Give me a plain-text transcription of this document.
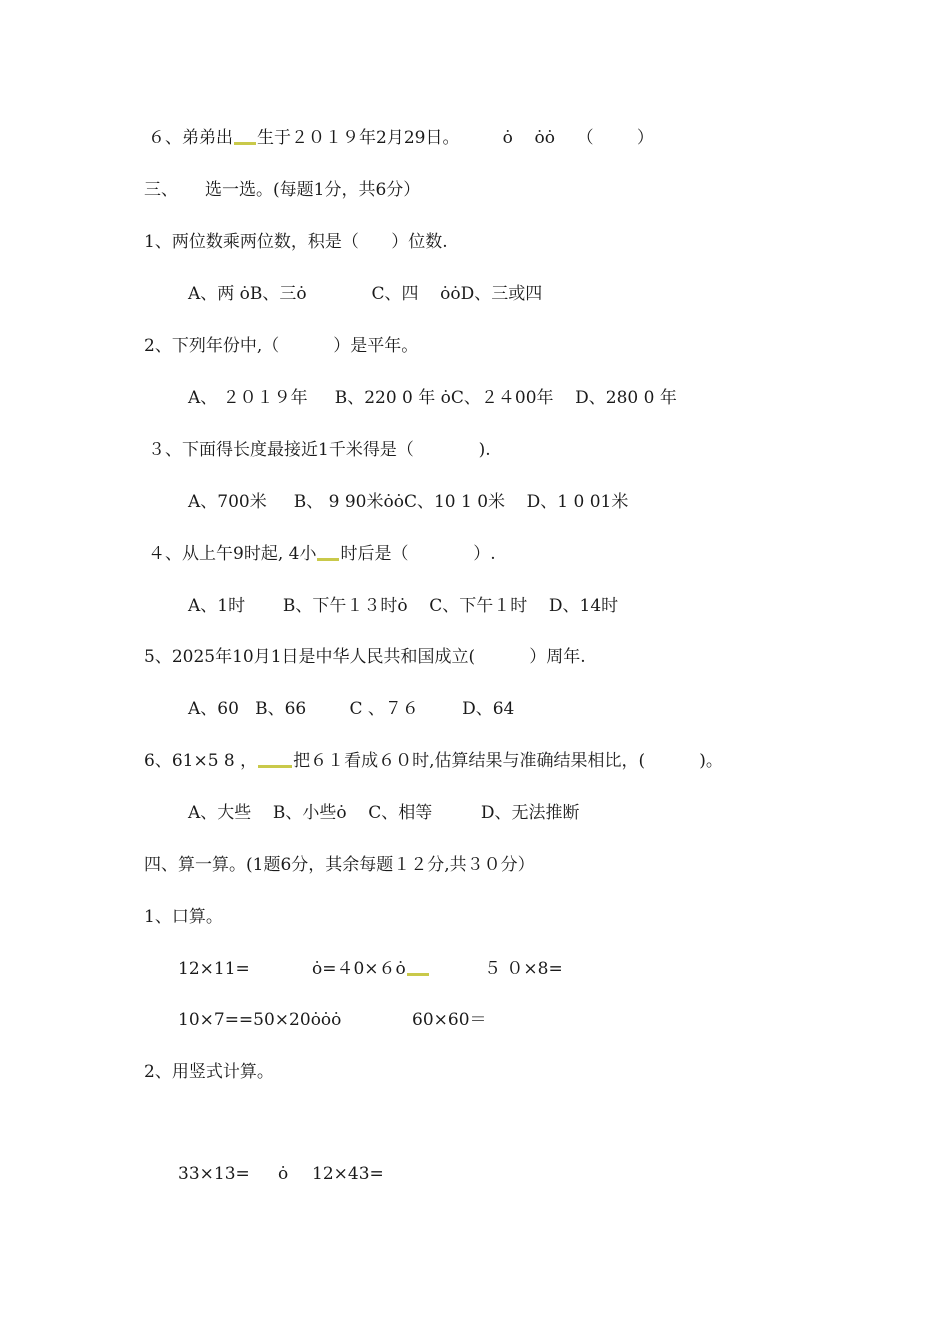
６、弟弟出 生于２０１９年2月29日。        ȯ    ȯȯ    （        ）
三、     选一选。(每题1分，共6分）
1、两位数乘两位数，积是（      ）位数.
A、两 ȯB、三ȯ            C、四    ȯȯD、三或四
2、下列年份中,（          ）是平年。
A、 ２０１９年     B、220 0 年 ȯC、２４00年    D、280 0 年
３、下面得长度最接近1千米得是（            ).
A、700米     B、 9 90米ȯȯC、10 1 0米    D、1 0 01米
４、从上午9时起, 4小 时后是（            ）.
A、1时       B、下午１３时ȯ    C、下午１时    D、14时
5、2025年10月1日是中华人民共和国成立(          ）周年.
A、60   B、66        C 、７６        D、64
6、61×5 8 ， 把６１看成６０时,估算结果与准确结果相比，(          )。
A、大些    B、小些ȯ    C、相等         D、无法推断
四、算一算。(1题6分，其余每题１２分,共３０分）
1、口算。
12×11=	ȯ=４0×６ȯ	５ ０×8=
10×7==50×20ȯȯȯ	60×60＝
2、用竖式计算。
33×13= ȯ 12×43=
